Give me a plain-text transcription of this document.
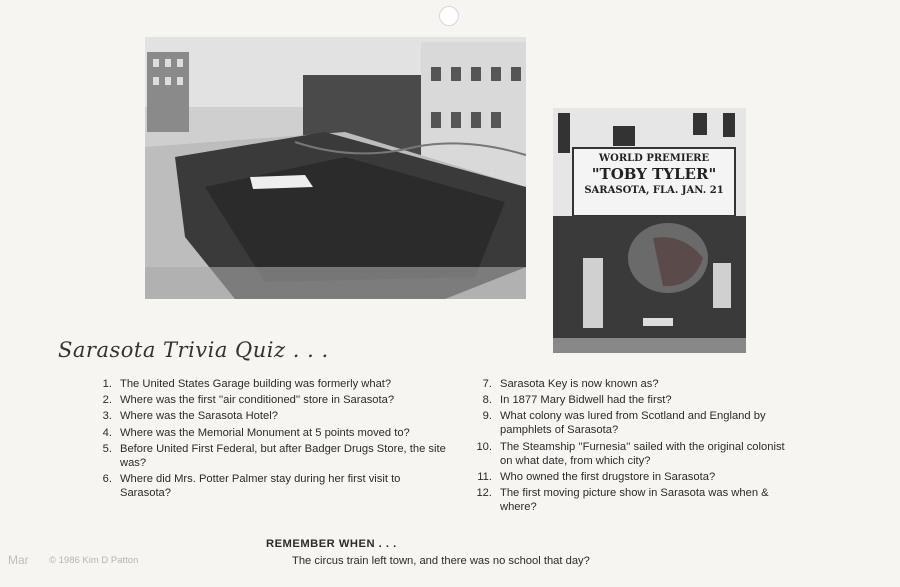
WORLD PREMIERE
"TOBY TYLER"
SARASOTA, FLA. JAN. 21
Sarasota Trivia Quiz . . .
1. The United States Garage building was formerly what?
2. Where was the first ''air conditioned'' store in Sarasota?
3. Where was the Sarasota Hotel?
4. Where was the Memorial Monument at 5 points moved to?
5. Before United First Federal, but after Badger Drugs Store, the site was?
6. Where did Mrs. Potter Palmer stay during her first visit to Sarasota?
7. Sarasota Key is now known as?
8. In 1877 Mary Bidwell had the first?
9. What colony was lured from Scotland and England by pamphlets of Sarasota?
10. The Steamship ''Furnesia'' sailed with the original colonist on what date, from which city?
11. Who owned the first drugstore in Sarasota?
12. The first moving picture show in Sarasota was when & where?
REMEMBER WHEN . . .
The circus train left town, and there was no school that day?
Mar © 1986 Kim D Patton
